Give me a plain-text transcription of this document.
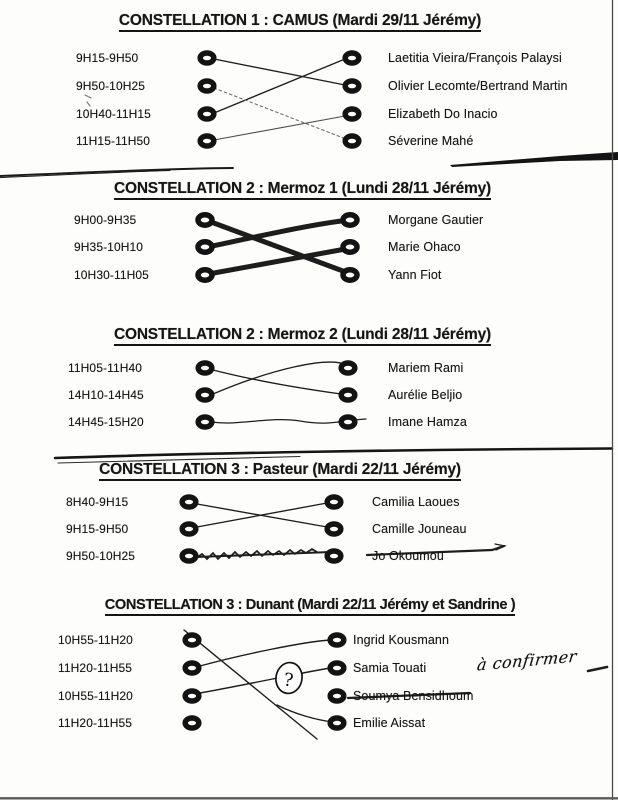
?
CONSTELLATION 1 : CAMUS (Mardi 29/11 Jérémy)
9H15-9H50
9H50-10H25
10H40-11H15
11H15-11H50
Laetitia Vieira/François Palaysi
Olivier Lecomte/Bertrand Martin
Elizabeth Do Inacio
Séverine Mahé
CONSTELLATION 2 : Mermoz 1 (Lundi 28/11 Jérémy)
9H00-9H35
9H35-10H10
10H30-11H05
Morgane Gautier
Marie Ohaco
Yann Fiot
CONSTELLATION 2 : Mermoz 2 (Lundi 28/11 Jérémy)
11H05-11H40
14H10-14H45
14H45-15H20
Mariem Rami
Aurélie Beljio
Imane Hamza
CONSTELLATION 3 : Pasteur (Mardi 22/11 Jérémy)
8H40-9H15
9H15-9H50
9H50-10H25
Camilia Laoues
Camille Jouneau
Jo Okoumou
CONSTELLATION 3 : Dunant (Mardi 22/11 Jérémy et Sandrine )
10H55-11H20
11H20-11H55
10H55-11H20
11H20-11H55
Ingrid Kousmann
Samia Touati
Soumya Bensidhoum
Emilie Aissat
à confirmer
